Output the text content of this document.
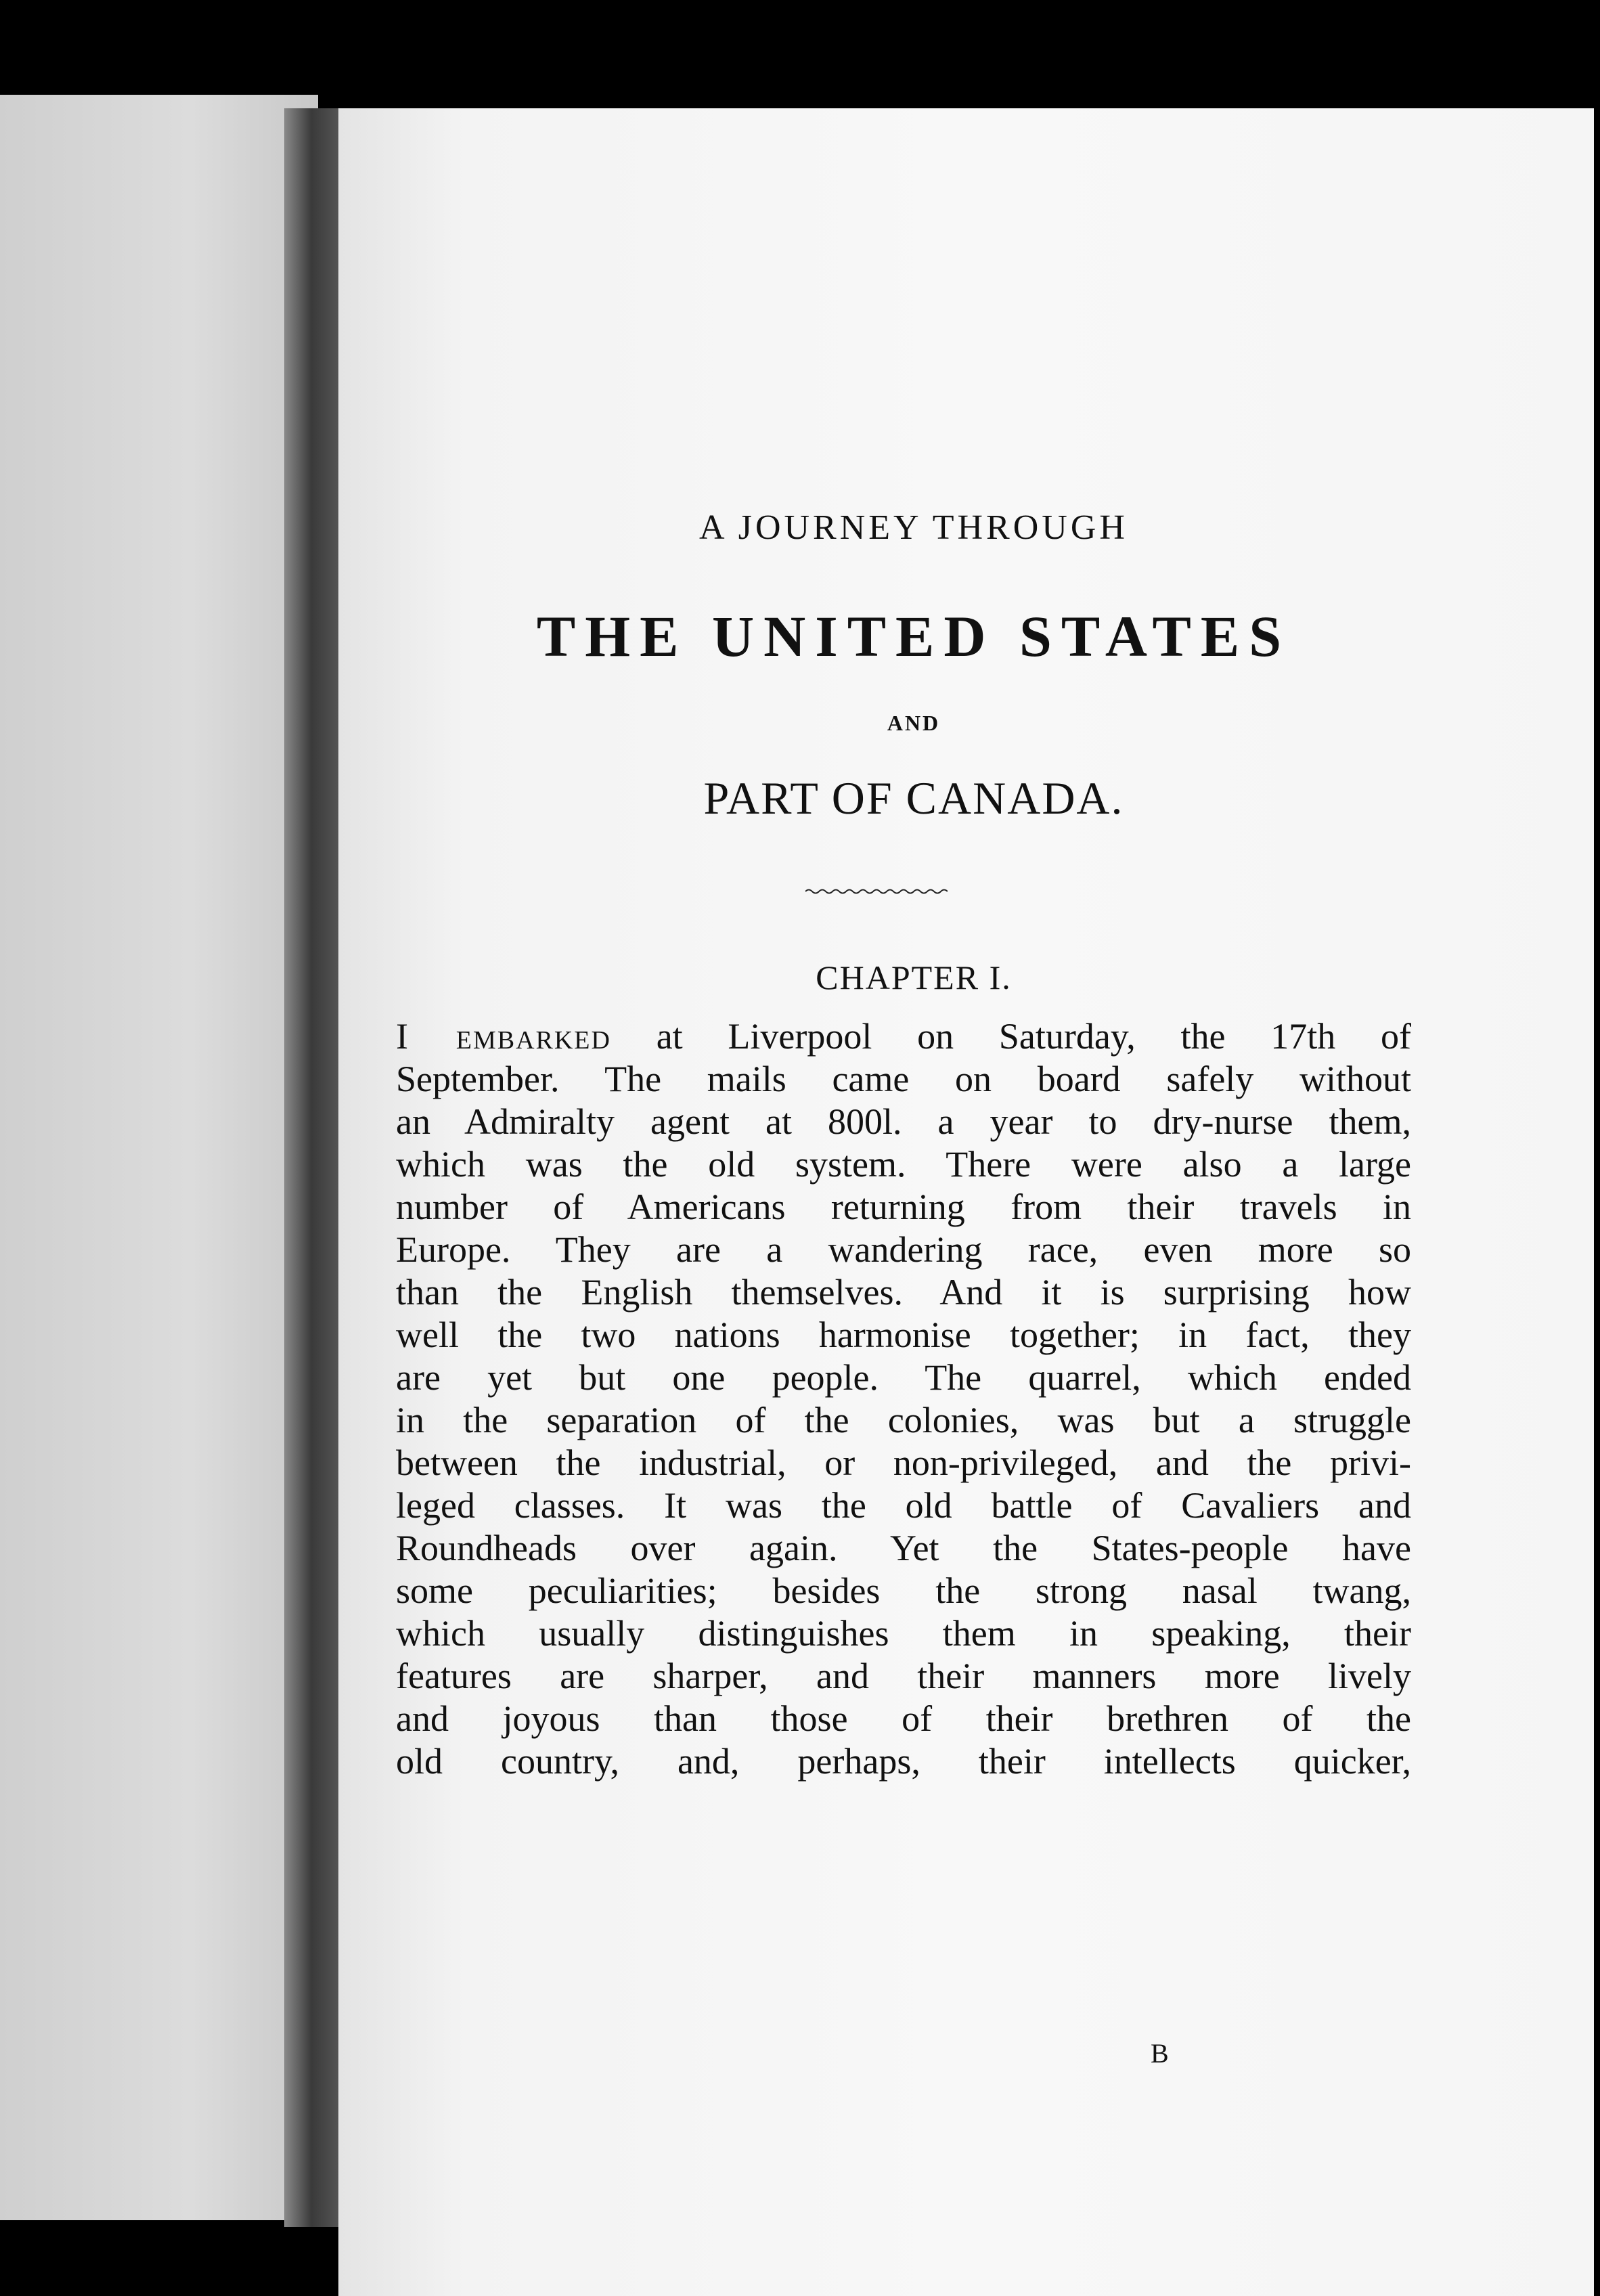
A JOURNEY THROUGH
THE UNITED STATES
AND
PART OF CANADA.
CHAPTER I.
I embarked at Liverpool on Saturday, the 17th of
September. The mails came on board safely without
an Admiralty agent at 800l. a year to dry-nurse them,
which was the old system. There were also a large
number of Americans returning from their travels in
Europe. They are a wandering race, even more so
than the English themselves. And it is surprising how
well the two nations harmonise together; in fact, they
are yet but one people. The quarrel, which ended
in the separation of the colonies, was but a struggle
between the industrial, or non-privileged, and the privi-
leged classes. It was the old battle of Cavaliers and
Roundheads over again. Yet the States-people have
some peculiarities; besides the strong nasal twang,
which usually distinguishes them in speaking, their
features are sharper, and their manners more lively
and joyous than those of their brethren of the
old country, and, perhaps, their intellects quicker,
B
